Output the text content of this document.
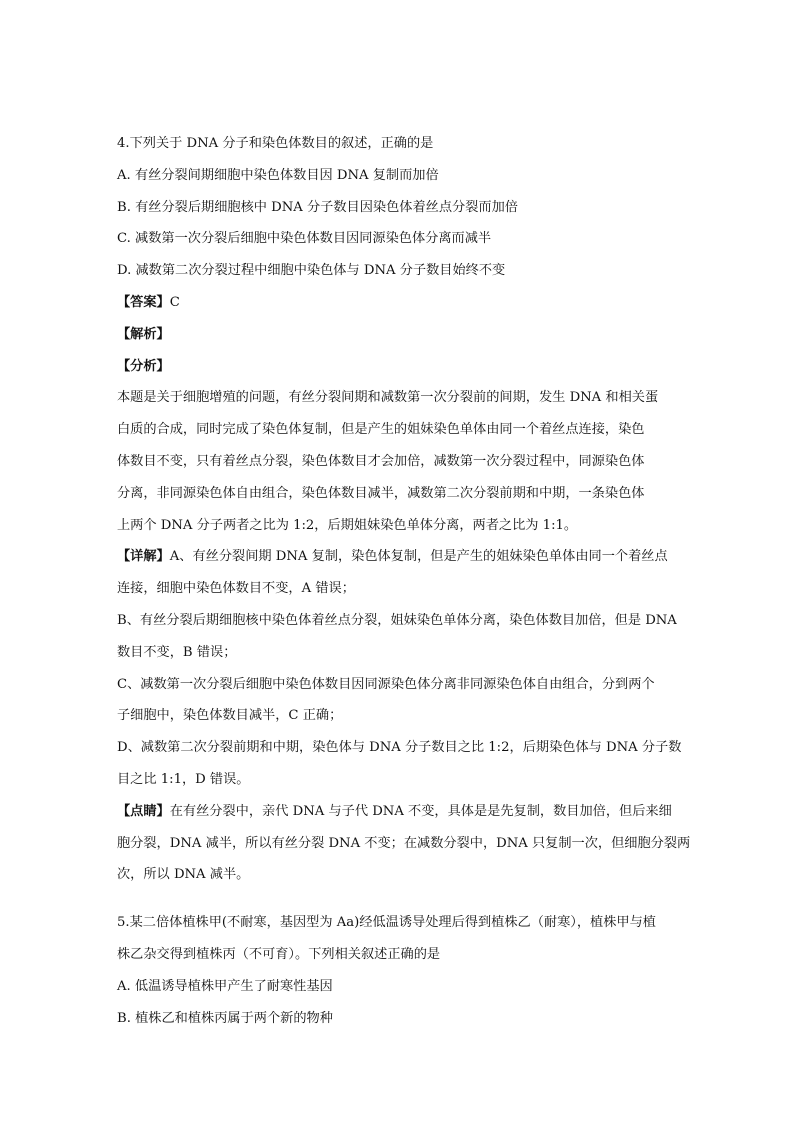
4.下列关于 DNA 分子和染色体数目的叙述，正确的是
A. 有丝分裂间期细胞中染色体数目因 DNA 复制而加倍
B. 有丝分裂后期细胞核中 DNA 分子数目因染色体着丝点分裂而加倍
C. 减数第一次分裂后细胞中染色体数目因同源染色体分离而减半
D. 减数第二次分裂过程中细胞中染色体与 DNA 分子数目始终不变
【答案】C
【解析】
【分析】
本题是关于细胞增殖的问题，有丝分裂间期和减数第一次分裂前的间期，发生 DNA 和相关蛋
白质的合成，同时完成了染色体复制，但是产生的姐妹染色单体由同一个着丝点连接，染色
体数目不变，只有着丝点分裂，染色体数目才会加倍，减数第一次分裂过程中，同源染色体
分离，非同源染色体自由组合，染色体数目减半，减数第二次分裂前期和中期，一条染色体
上两个 DNA 分子两者之比为 1:2，后期姐妹染色单体分离，两者之比为 1:1。
【详解】A、有丝分裂间期 DNA 复制，染色体复制，但是产生的姐妹染色单体由同一个着丝点
连接，细胞中染色体数目不变，A 错误；
B、有丝分裂后期细胞核中染色体着丝点分裂，姐妹染色单体分离，染色体数目加倍，但是 DNA
数目不变，B 错误；
C、减数第一次分裂后细胞中染色体数目因同源染色体分离非同源染色体自由组合，分到两个
子细胞中，染色体数目减半，C 正确；
D、减数第二次分裂前期和中期，染色体与 DNA 分子数目之比 1:2，后期染色体与 DNA 分子数
目之比 1:1，D 错误。
【点睛】在有丝分裂中，亲代 DNA 与子代 DNA 不变，具体是是先复制，数目加倍，但后来细
胞分裂，DNA 减半，所以有丝分裂 DNA 不变；在减数分裂中，DNA 只复制一次，但细胞分裂两
次，所以 DNA 减半。
5.某二倍体植株甲(不耐寒，基因型为 Aa)经低温诱导处理后得到植株乙（耐寒），植株甲与植
株乙杂交得到植株丙（不可育）。下列相关叙述正确的是
A. 低温诱导植株甲产生了耐寒性基因
B. 植株乙和植株丙属于两个新的物种
